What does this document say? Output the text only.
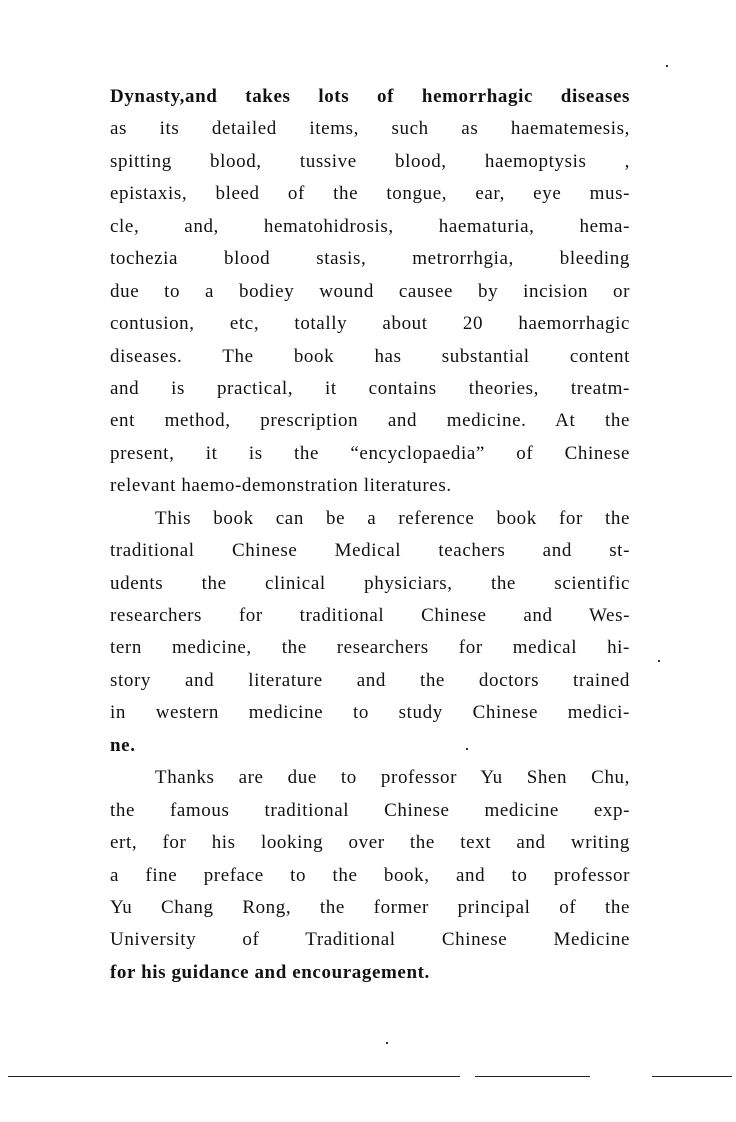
Dynasty,and takes lots of hemorrhagic diseases
as its detailed items, such as haematemesis,
spitting blood, tussive blood, haemoptysis ,
epistaxis, bleed of the tongue, ear, eye mus-
cle, and, hematohidrosis, haematuria, hema-
tochezia blood stasis, metrorrhgia, bleeding
due to a bodiey wound causee by incision or
contusion, etc, totally about 20 haemorrhagic
diseases. The book has substantial content
and is practical, it contains theories, treatm-
ent method, prescription and medicine. At the
present, it is the “encyclopaedia” of Chinese
relevant haemo-demonstration literatures.
This book can be a reference book for the
traditional Chinese Medical teachers and st-
udents the clinical physiciars, the scientific
researchers for traditional Chinese and Wes-
tern medicine, the researchers for medical hi-
story and literature and the doctors trained
in western medicine to study Chinese medici-
ne.
Thanks are due to professor Yu Shen Chu,
the famous traditional Chinese medicine exp-
ert, for his looking over the text and writing
a fine preface to the book, and to professor
Yu Chang Rong, the former principal of the
University of Traditional Chinese Medicine
for his guidance and encouragement.
